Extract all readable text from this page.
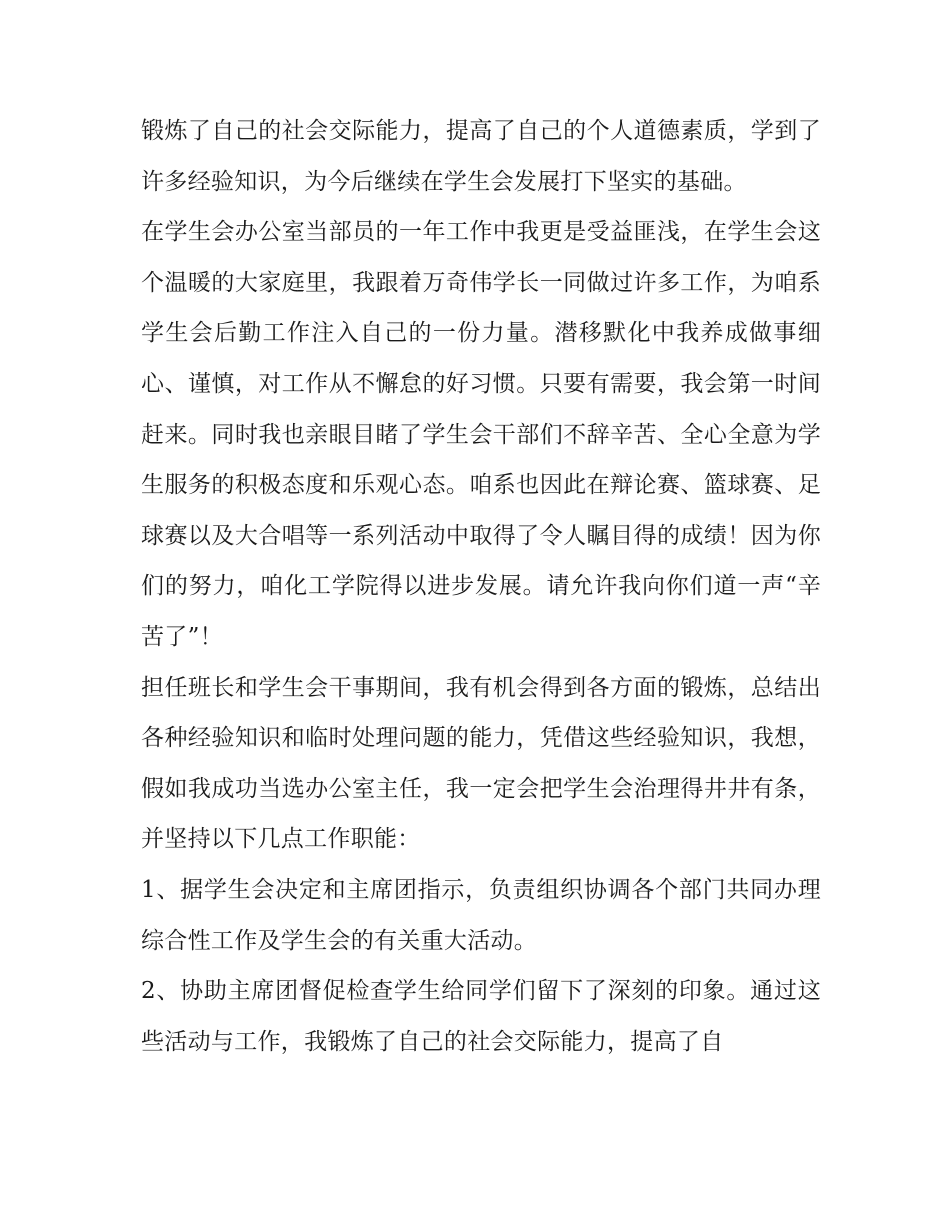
锻炼了自己的社会交际能力，提高了自己的个人道德素质，学到了许多经验知识，为今后继续在学生会发展打下坚实的基础。

在学生会办公室当部员的一年工作中我更是受益匪浅，在学生会这个温暖的大家庭里，我跟着万奇伟学长一同做过许多工作，为咱系学生会后勤工作注入自己的一份力量。潜移默化中我养成做事细心、谨慎，对工作从不懈怠的好习惯。只要有需要，我会第一时间赶来。同时我也亲眼目睹了学生会干部们不辞辛苦、全心全意为学生服务的积极态度和乐观心态。咱系也因此在辩论赛、篮球赛、足球赛以及大合唱等一系列活动中取得了令人瞩目得的成绩！因为你们的努力，咱化工学院得以进步发展。请允许我向你们道一声“辛苦了”！

担任班长和学生会干事期间，我有机会得到各方面的锻炼，总结出各种经验知识和临时处理问题的能力，凭借这些经验知识，我想，假如我成功当选办公室主任，我一定会把学生会治理得井井有条，并坚持以下几点工作职能：

1、据学生会决定和主席团指示，负责组织协调各个部门共同办理综合性工作及学生会的有关重大活动。

2、协助主席团督促检查学生给同学们留下了深刻的印象。通过这些活动与工作，我锻炼了自己的社会交际能力，提高了自
